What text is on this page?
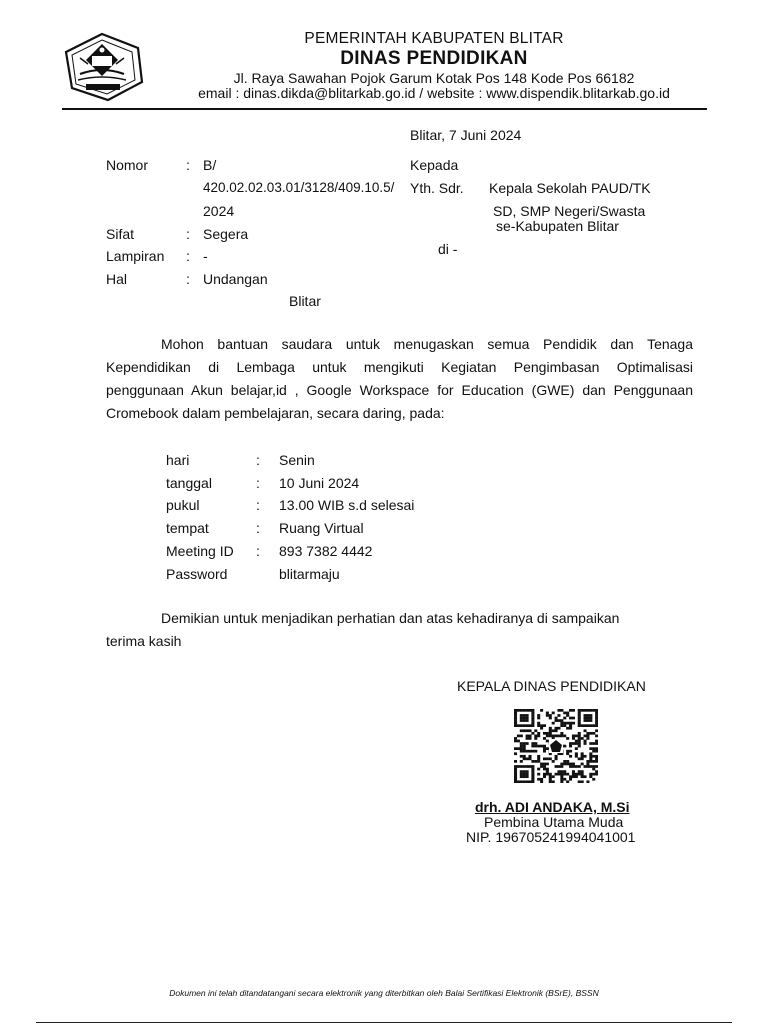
PEMERINTAH KABUPATEN BLITAR
DINAS PENDIDIKAN
Jl. Raya Sawahan Pojok Garum Kotak Pos 148 Kode Pos 66182
email : dinas.dikda@blitarkab.go.id / website : www.dispendik.blitarkab.go.id
Blitar, 7 Juni 2024
Nomor	: B/
420.02.02.03.01/3128/409.10.5/
2024
Sifat	: Segera
Lampiran : -
Hal	: Undangan
Kepada
Yth. Sdr. Kepala Sekolah PAUD/TK
SD, SMP Negeri/Swasta
se-Kabupaten Blitar
di -
Blitar
Mohon bantuan saudara untuk menugaskan semua Pendidik dan Tenaga
Kependidikan di Lembaga untuk mengikuti Kegiatan Pengimbasan Optimalisasi
penggunaan Akun belajar,id , Google Workspace for Education (GWE) dan Penggunaan
Cromebook dalam pembelajaran, secara daring, pada:
hari	: Senin
tanggal	: 10 Juni 2024
pukul	: 13.00 WIB s.d selesai
tempat	: Ruang Virtual
Meeting ID : 893 7382 4442
Password	blitarmaju
Demikian untuk menjadikan perhatian dan atas kehadiranya di sampaikan
terima kasih
KEPALA DINAS PENDIDIKAN
drh. ADI ANDAKA, M.Si
Pembina Utama Muda
NIP. 196705241994041001
Dokumen ini telah ditandatangani secara elektronik yang diterbitkan oleh Balai Sertifikasi Elektronik (BSrE), BSSN
